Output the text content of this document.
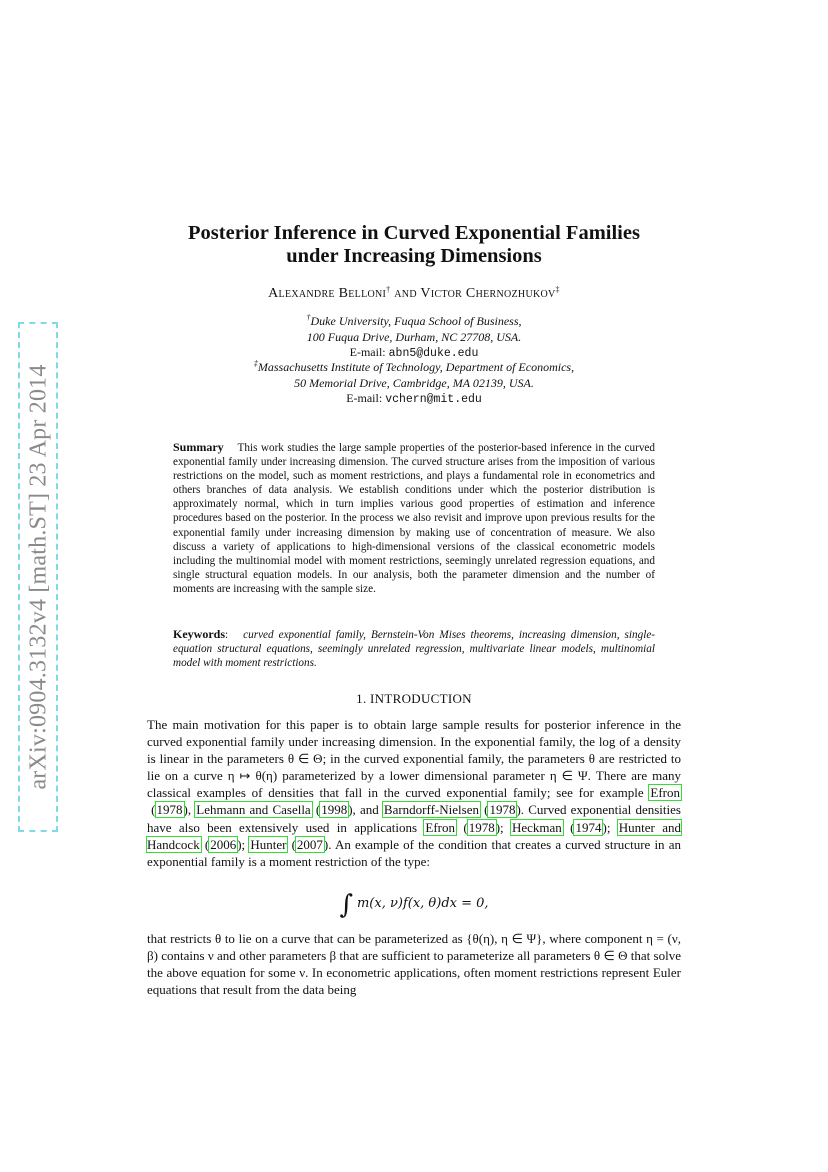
arXiv:0904.3132v4 [math.ST] 23 Apr 2014
Posterior Inference in Curved Exponential Families
under Increasing Dimensions
Alexandre Belloni† and Victor Chernozhukov‡
†Duke University, Fuqua School of Business,
100 Fuqua Drive, Durham, NC 27708, USA.
E-mail: abn5@duke.edu
‡Massachusetts Institute of Technology, Department of Economics,
50 Memorial Drive, Cambridge, MA 02139, USA.
E-mail: vchern@mit.edu
Summary This work studies the large sample properties of the posterior-based inference in the curved exponential family under increasing dimension. The curved structure arises from the imposition of various restrictions on the model, such as moment restrictions, and plays a fundamental role in econometrics and others branches of data analysis. We establish conditions under which the posterior distribution is approximately normal, which in turn implies various good properties of estimation and inference procedures based on the posterior. In the process we also revisit and improve upon previous results for the exponential family under increasing dimension by making use of concentration of measure. We also discuss a variety of applications to high-dimensional versions of the classical econometric models including the multinomial model with moment restrictions, seemingly unrelated regression equations, and single structural equation models. In our analysis, both the parameter dimension and the number of moments are increasing with the sample size.
Keywords:   curved exponential family, Bernstein-Von Mises theorems, increasing dimension, single-equation structural equations, seemingly unrelated regression, multivariate linear models, multinomial model with moment restrictions.
1. INTRODUCTION
The main motivation for this paper is to obtain large sample results for posterior inference in the curved exponential family under increasing dimension. In the exponential family, the log of a density is linear in the parameters θ ∈ Θ; in the curved exponential family, the parameters θ are restricted to lie on a curve η ↦ θ(η) parameterized by a lower dimensional parameter η ∈ Ψ. There are many classical examples of densities that fall in the curved exponential family; see for example Efron (1978), Lehmann and Casella (1998), and Barndorff-Nielsen (1978). Curved exponential densities have also been extensively used in applications Efron (1978); Heckman (1974); Hunter and Handcock (2006); Hunter (2007). An example of the condition that creates a curved structure in an exponential family is a moment restriction of the type:
∫ m(x, ν)f(x, θ)dx = 0,
that restricts θ to lie on a curve that can be parameterized as {θ(η), η ∈ Ψ}, where component η = (ν, β) contains ν and other parameters β that are sufficient to parameterize all parameters θ ∈ Θ that solve the above equation for some ν. In econometric applications, often moment restrictions represent Euler equations that result from the data being
